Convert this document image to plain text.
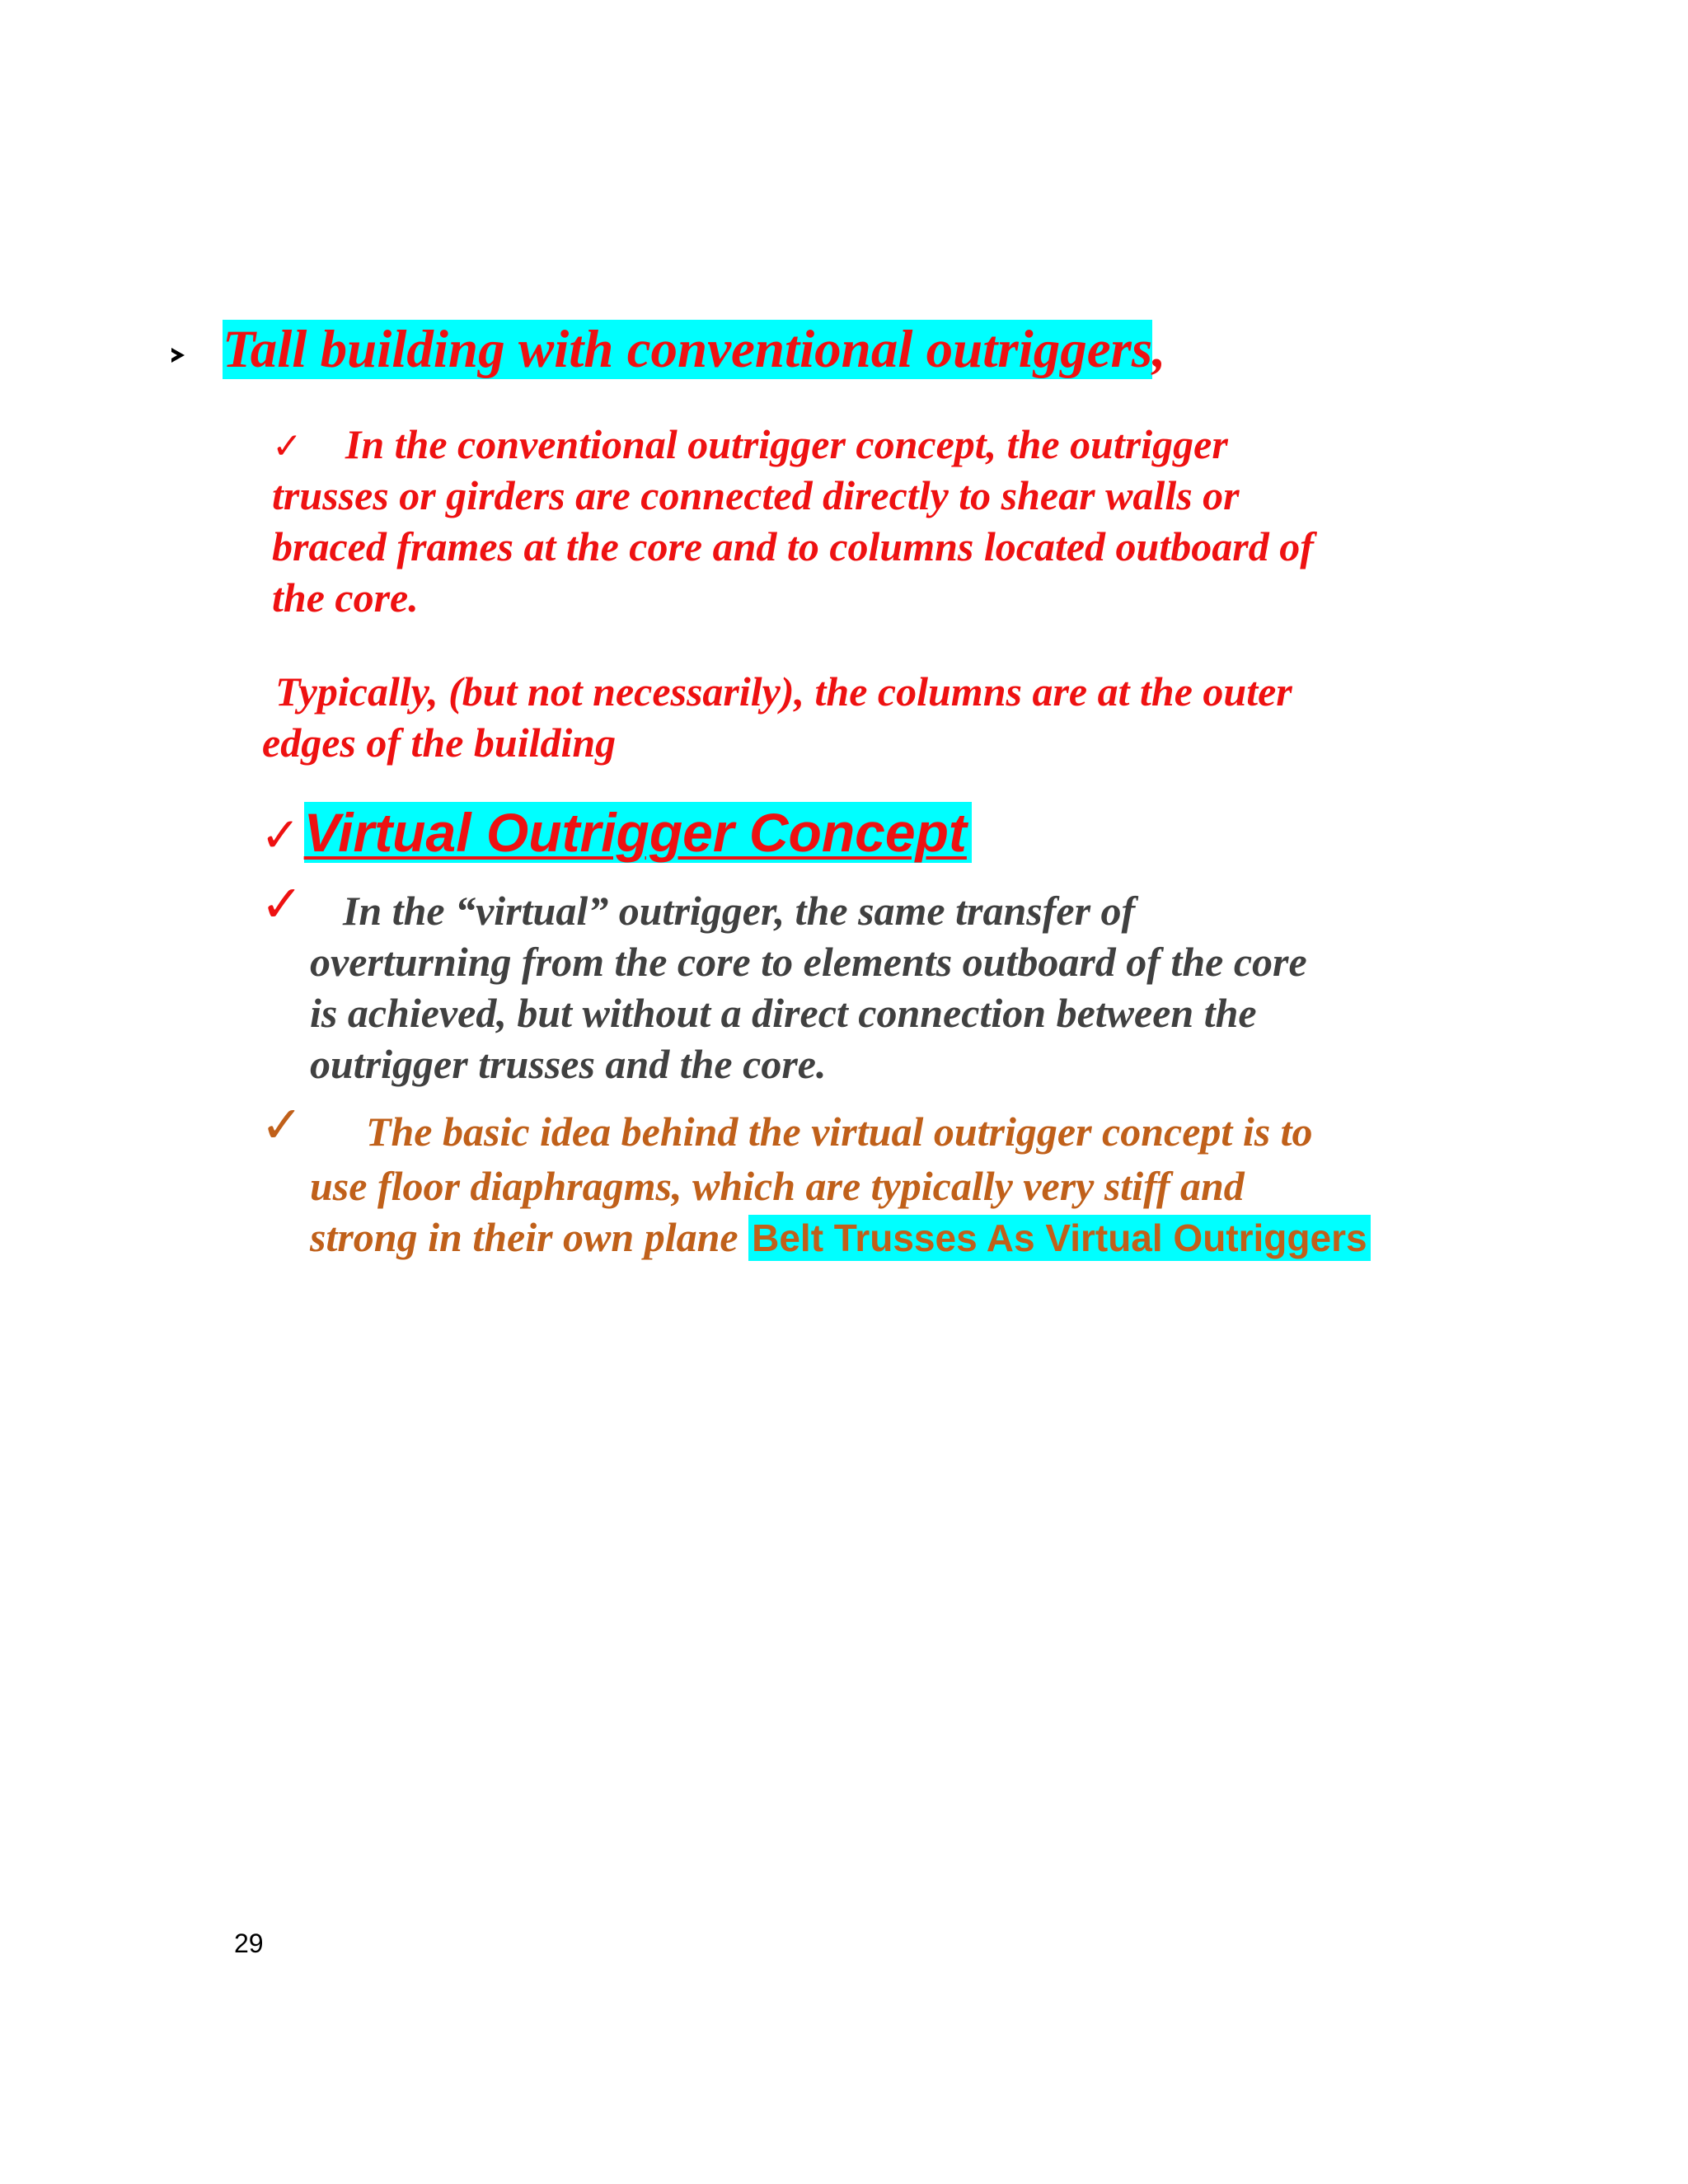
Tall building with conventional outriggers,
✓ In the conventional outrigger concept, the outrigger
trusses or girders are connected directly to shear walls or
braced frames at the core and to columns located outboard of
the core.
Typically, (but not necessarily), the columns are at the outer
edges of the building
✓Virtual Outrigger Concept
✓ In the “virtual” outrigger, the same transfer of
overturning from the core to elements outboard of the core
is achieved, but without a direct connection between the
outrigger trusses and the core.
✓ The basic idea behind the virtual outrigger concept is to
use floor diaphragms, which are typically very stiff and
strong in their own plane Belt Trusses As Virtual Outriggers
29
